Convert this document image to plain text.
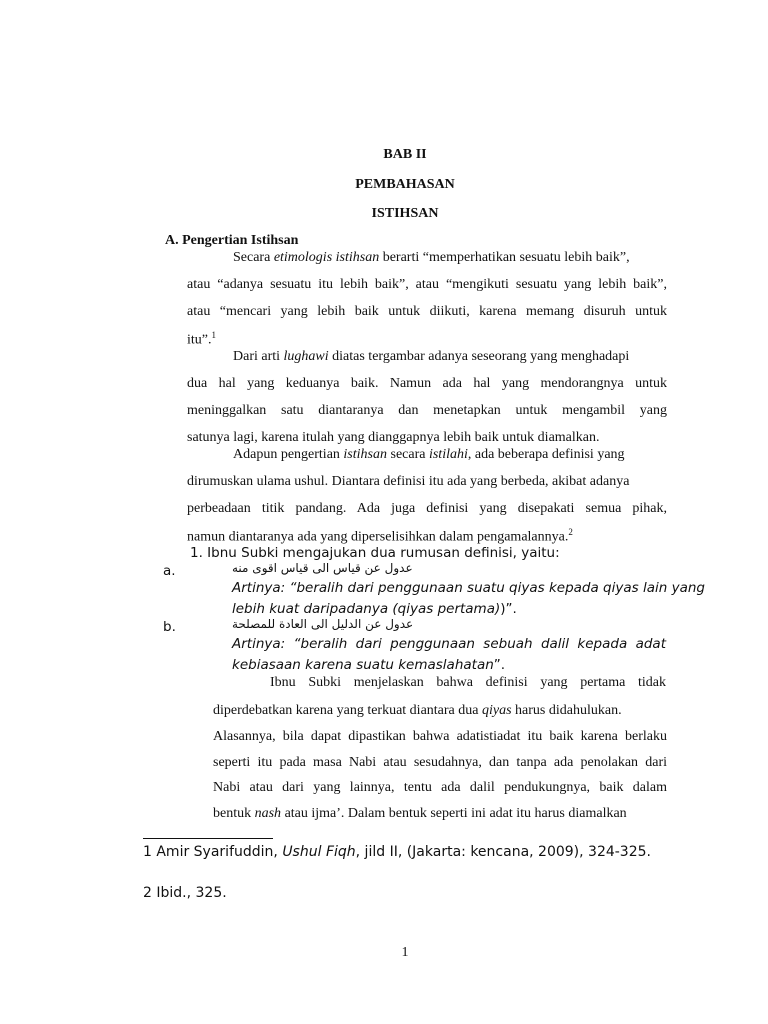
BAB II
PEMBAHASAN
ISTIHSAN
A. Pengertian Istihsan
Secara etimologis istihsan berarti “memperhatikan sesuatu lebih baik”,
atau “adanya sesuatu itu lebih baik”, atau “mengikuti sesuatu yang lebih baik”,
atau “mencari yang lebih baik untuk diikuti, karena memang disuruh untuk
itu”.$^1$
Dari arti lughawi diatas tergambar adanya seseorang yang menghadapi
dua hal yang keduanya baik. Namun ada hal yang mendorangnya untuk
meninggalkan satu diantaranya dan menetapkan untuk mengambil yang
satunya lagi, karena itulah yang dianggapnya lebih baik untuk diamalkan.
Adapun pengertian istihsan secara istilahi, ada beberapa definisi yang
dirumuskan ulama ushul. Diantara definisi itu ada yang berbeda, akibat adanya
perbeadaan titik pandang. Ada juga definisi yang disepakati semua pihak,
namun diantaranya ada yang diperselisihkan dalam pengamalannya.$^2$
1. Ibnu Subki mengajukan dua rumusan definisi, yaitu:
a.	عدول عن قياس الى قياس اقوى منه
Artinya: “beralih dari penggunaan suatu qiyas kepada qiyas lain yang
lebih kuat daripadanya (qiyas pertama))”.
b.	عدول عن الدليل الى العادة للمصلحة
Artinya: “beralih dari penggunaan sebuah dalil kepada adat
kebiasaan karena suatu kemaslahatan”.
Ibnu Subki menjelaskan bahwa definisi yang pertama tidak
diperdebatkan karena yang terkuat diantara dua qiyas harus didahulukan.
Alasannya, bila dapat dipastikan bahwa adatistiadat itu baik karena berlaku
seperti itu pada masa Nabi atau sesudahnya, dan tanpa ada penolakan dari
Nabi atau dari yang lainnya, tentu ada dalil pendukungnya, baik dalam
bentuk nash atau ijma’. Dalam bentuk seperti ini adat itu harus diamalkan
1 Amir Syarifuddin, Ushul Fiqh, jild II, (Jakarta: kencana, 2009), 324-325.
2 Ibid., 325.
1
